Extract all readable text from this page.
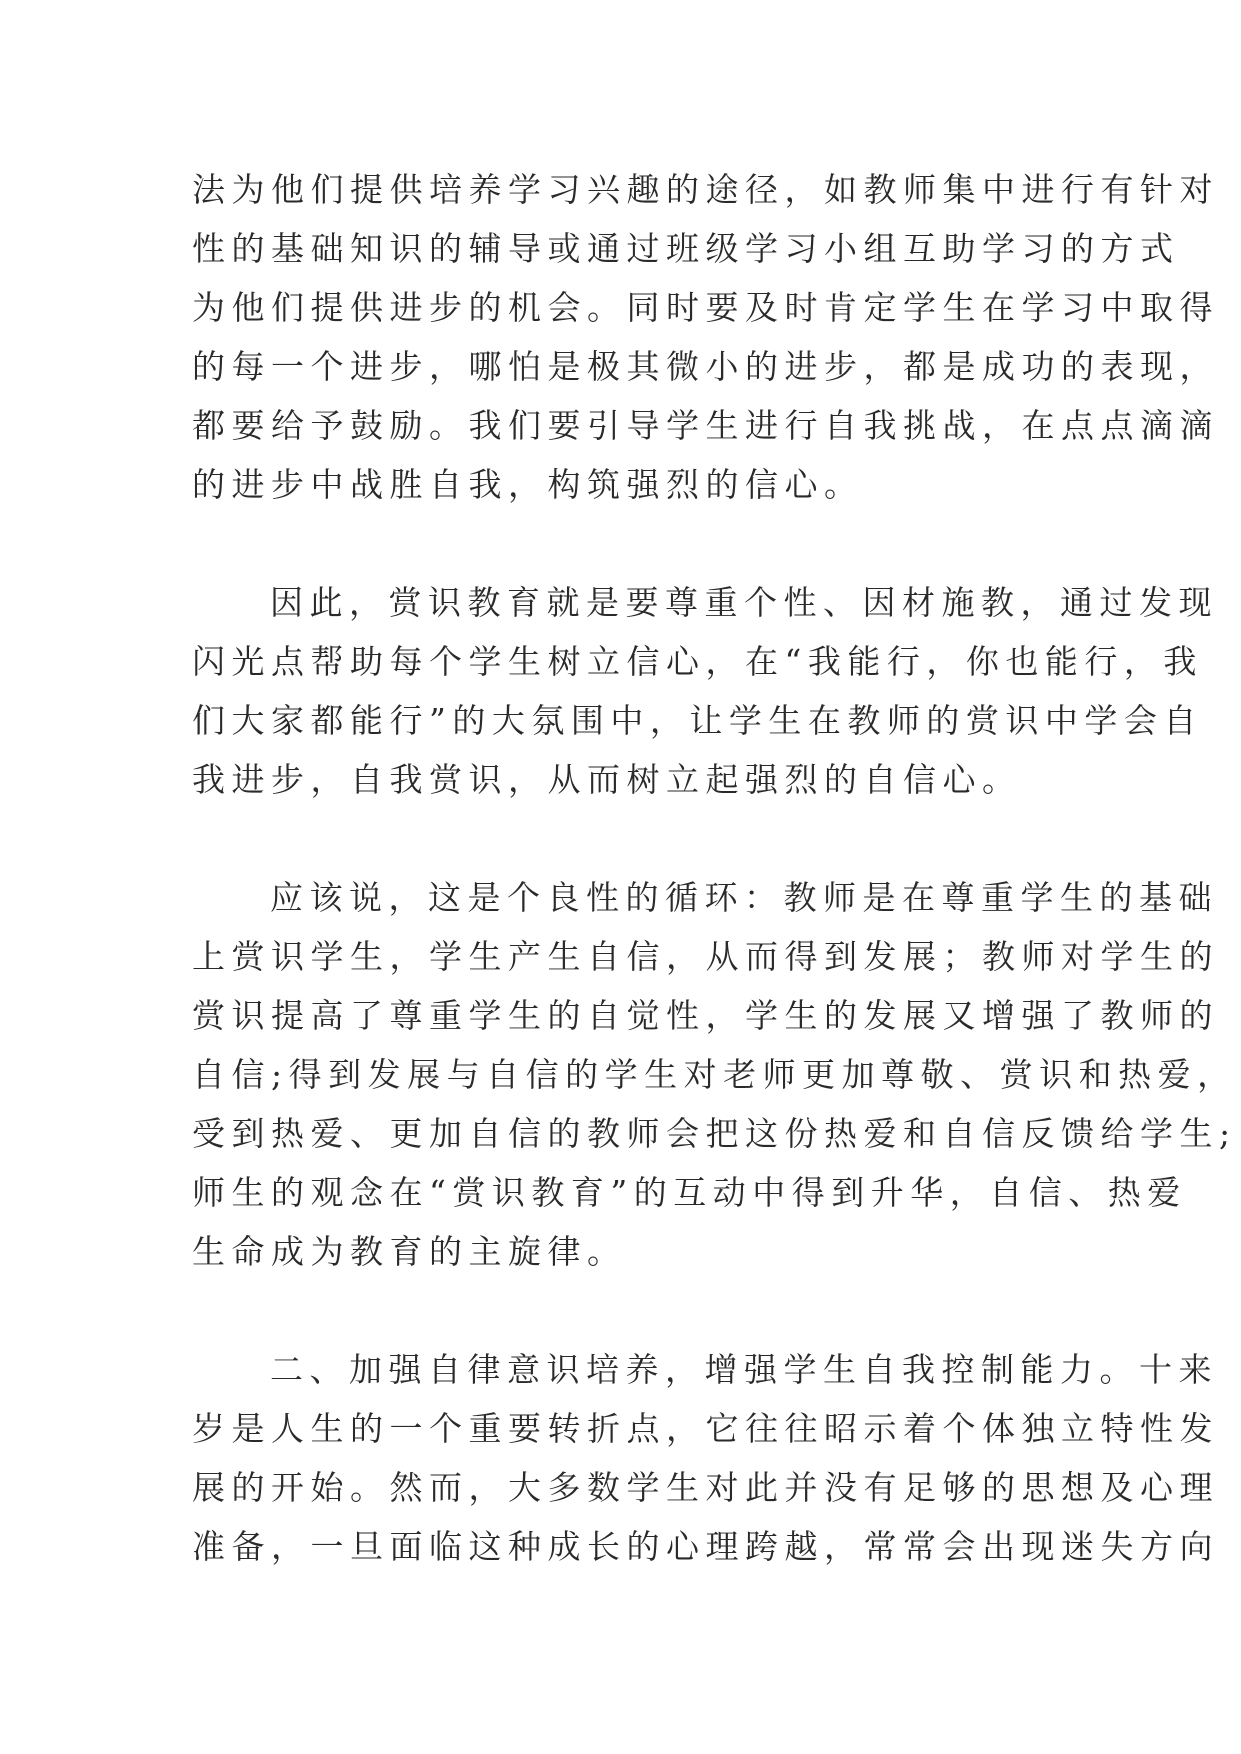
法为他们提供培养学习兴趣的途径，如教师集中进行有针对
性的基础知识的辅导或通过班级学习小组互助学习的方式
为他们提供进步的机会。同时要及时肯定学生在学习中取得
的每一个进步，哪怕是极其微小的进步，都是成功的表现，
都要给予鼓励。我们要引导学生进行自我挑战，在点点滴滴
的进步中战胜自我，构筑强烈的信心。

因此，赏识教育就是要尊重个性、因材施教，通过发现
闪光点帮助每个学生树立信心，在“我能行，你也能行，我
们大家都能行”的大氛围中，让学生在教师的赏识中学会自
我进步，自我赏识，从而树立起强烈的自信心。

应该说，这是个良性的循环：教师是在尊重学生的基础
上赏识学生，学生产生自信，从而得到发展；教师对学生的
赏识提高了尊重学生的自觉性，学生的发展又增强了教师的
自信;得到发展与自信的学生对老师更加尊敬、赏识和热爱，
受到热爱、更加自信的教师会把这份热爱和自信反馈给学生;
师生的观念在“赏识教育”的互动中得到升华，自信、热爱
生命成为教育的主旋律。

二、加强自律意识培养，增强学生自我控制能力。十来
岁是人生的一个重要转折点，它往往昭示着个体独立特性发
展的开始。然而，大多数学生对此并没有足够的思想及心理
准备，一旦面临这种成长的心理跨越，常常会出现迷失方向
